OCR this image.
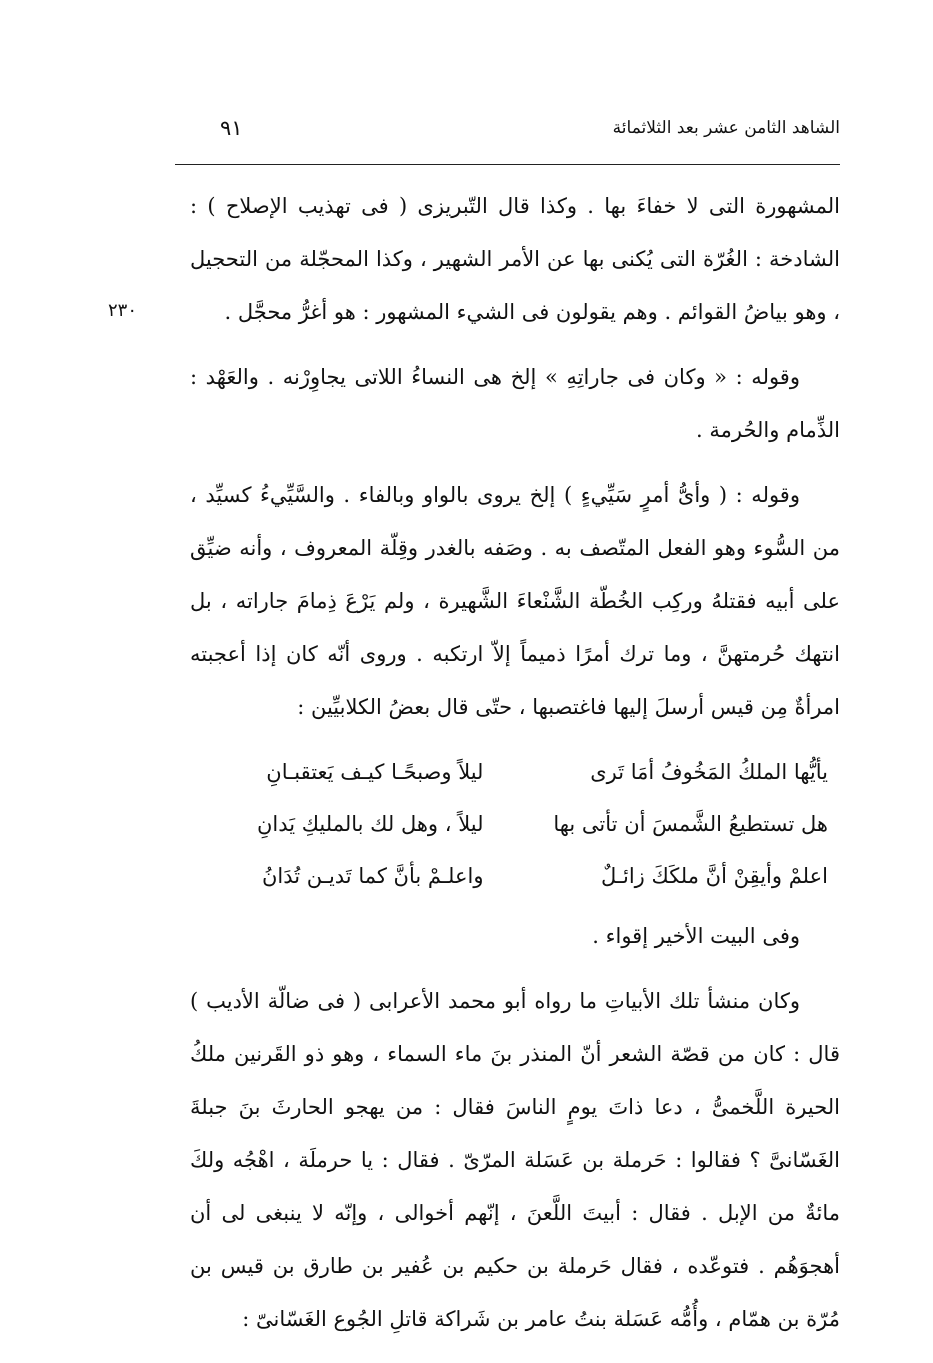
الشاهد الثامن عشر بعد الثلاثمائة
٩١
٢٣٠

المشهورة التى لا خفاءَ بها . وكذا قال التّبريزى ( فى تهذيب الإصلاح ) : الشادخة : الغُرّة التى يُكنى بها عن الأمر الشهير ، وكذا المحجّلة من التحجيل ، وهو بياضُ القوائم . وهم يقولون فى الشيء المشهور : هو أغرُّ محجَّل .

وقوله : « وكان فى جاراتِهِ » إلخ هى النساءُ اللاتى يجاوِرْنه . والعَهْد : الذِّمام والحُرمة .

وقوله : ( وأىُّ أمرٍ سَيِّيءٍ ) إلخ يروى بالواو وبالفاء . والسَّيِّيءُ كسيِّد ، من السُّوء وهو الفعل المتّصف به . وصَفه بالغدر وقِلّة المعروف ، وأنه ضيِّق على أبيه فقتلهُ وركِب الخُطّة الشَّنْعاءَ الشَّهيرة ، ولم يَرْعَ ذِمامَ جاراته ، بل انتهك حُرمتهنَّ ، وما ترك أمرًا ذميماً إلاّ ارتكبه . وروى أنّه كان إذا أعجبته امرأةٌ مِن قيس أرسلَ إليها فاغتصبها ، حتّى قال بعضُ الكلابيِّين :

يأيُّها الملكُ المَخُوفُ أمَا تَرى
ليلاً وصبحًـا كيـف يَعتقبـانِ
هل تستطيعُ الشَّمسَ أن تأتى بها
ليلاً ، وهل لك بالمليكِ يَدانِ
اعلمْ وأيقِنْ أنَّ ملكَكَ زائـلٌ
واعلـمْ بأنَّ كما تَديـن تُدَانُ

وفى البيت الأخير إقواء .

وكان منشأ تلك الأبياتِ ما رواه أبو محمد الأعرابى ( فى ضالّة الأديب ) قال : كان من قصّة الشعر أنّ المنذر بنَ ماء السماء ، وهو ذو القَرنين ملكُ الحيرة اللَّخمىُّ ، دعا ذاتَ يومٍ الناسَ فقال : من يهجو الحارثَ بنَ جبلةَ الغَسّانىَّ ؟ فقالوا : حَرملة بن عَسَلة المرّىّ . فقال : يا حرملَة ، اهْجُه ولكَ مائةٌ من الإبل . فقال : أبيتَ اللَّعنَ ، إنّهم أخوالى ، وإنّه لا ينبغى لى أن أهجوَهُم . فتوعّده ، فقال حَرملة بن حكيم بن عُفير بن طارق بن قيس بن مُرّة بن همّام ، وأُمُّه عَسَلة بنتُ عامر بن شَراكة قاتلِ الجُوع الغَسّانىّ :
